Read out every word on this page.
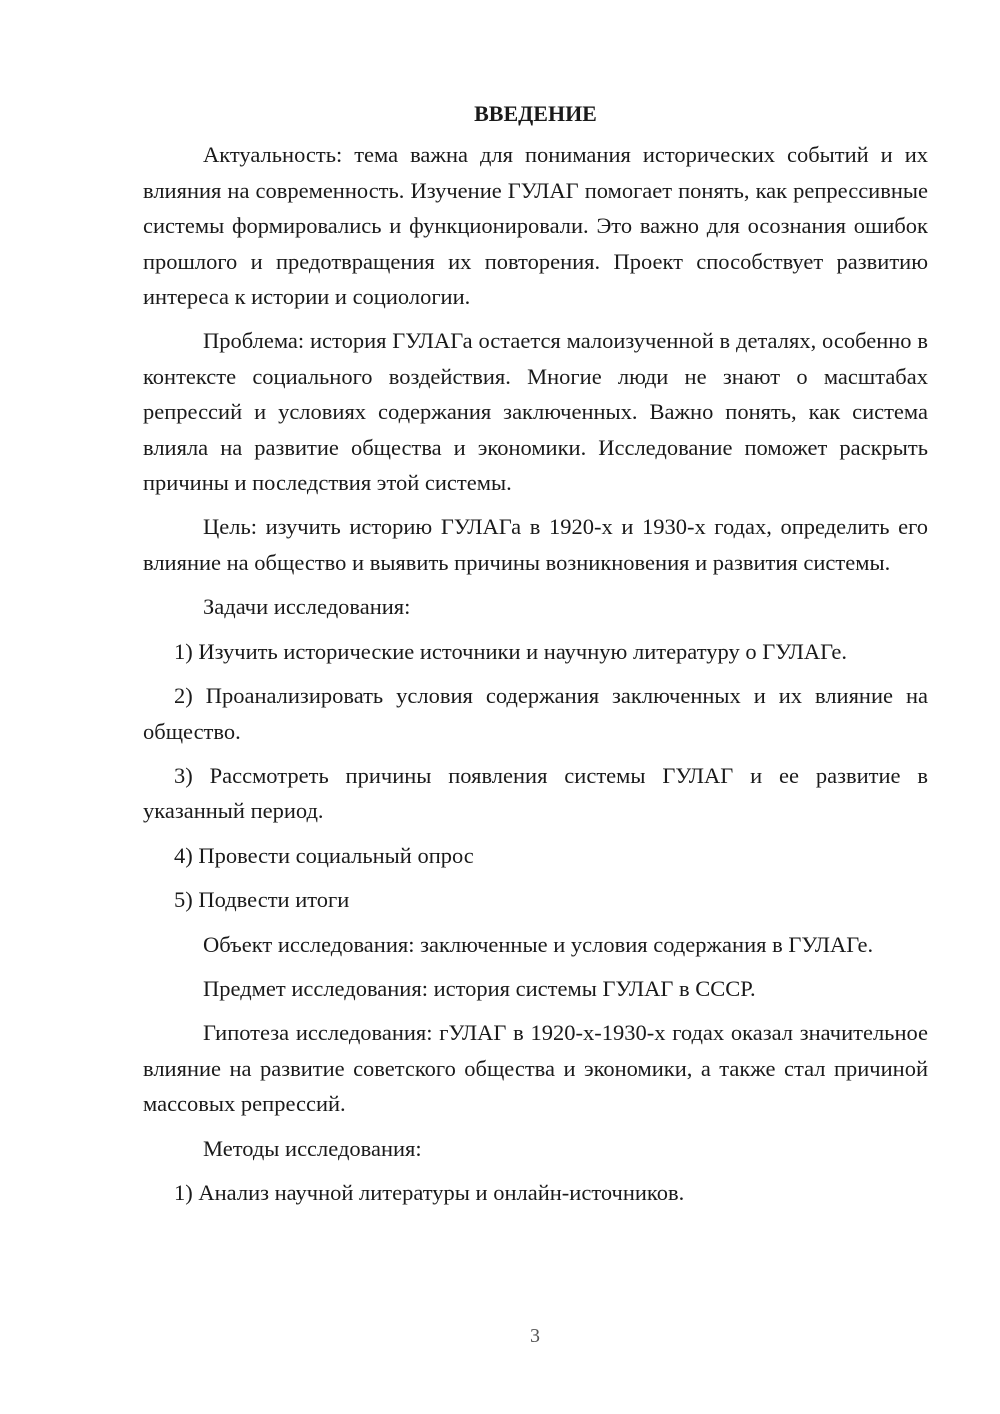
ВВЕДЕНИЕ

Актуальность: тема важна для понимания исторических событий и их влияния на современность. Изучение ГУЛАГ помогает понять, как репрессивные системы формировались и функционировали. Это важно для осознания ошибок прошлого и предотвращения их повторения. Проект способствует развитию интереса к истории и социологии.

Проблема: история ГУЛАГа остается малоизученной в деталях, особенно в контексте социального воздействия. Многие люди не знают о масштабах репрессий и условиях содержания заключенных. Важно понять, как система влияла на развитие общества и экономики. Исследование поможет раскрыть причины и последствия этой системы.

Цель: изучить историю ГУЛАГа в 1920-х и 1930-х годах, определить его влияние на общество и выявить причины возникновения и развития системы.

Задачи исследования:

1) Изучить исторические источники и научную литературу о ГУЛАГе.

2) Проанализировать условия содержания заключенных и их влияние на общество.

3) Рассмотреть причины появления системы ГУЛАГ и ее развитие в указанный период.

4) Провести социальный опрос

5) Подвести итоги

Объект исследования: заключенные и условия содержания в ГУЛАГе.

Предмет исследования: история системы ГУЛАГ в СССР.

Гипотеза исследования: гУЛАГ в 1920-х-1930-х годах оказал значительное влияние на развитие советского общества и экономики, а также стал причиной массовых репрессий.

Методы исследования:

1) Анализ научной литературы и онлайн-источников.

3
